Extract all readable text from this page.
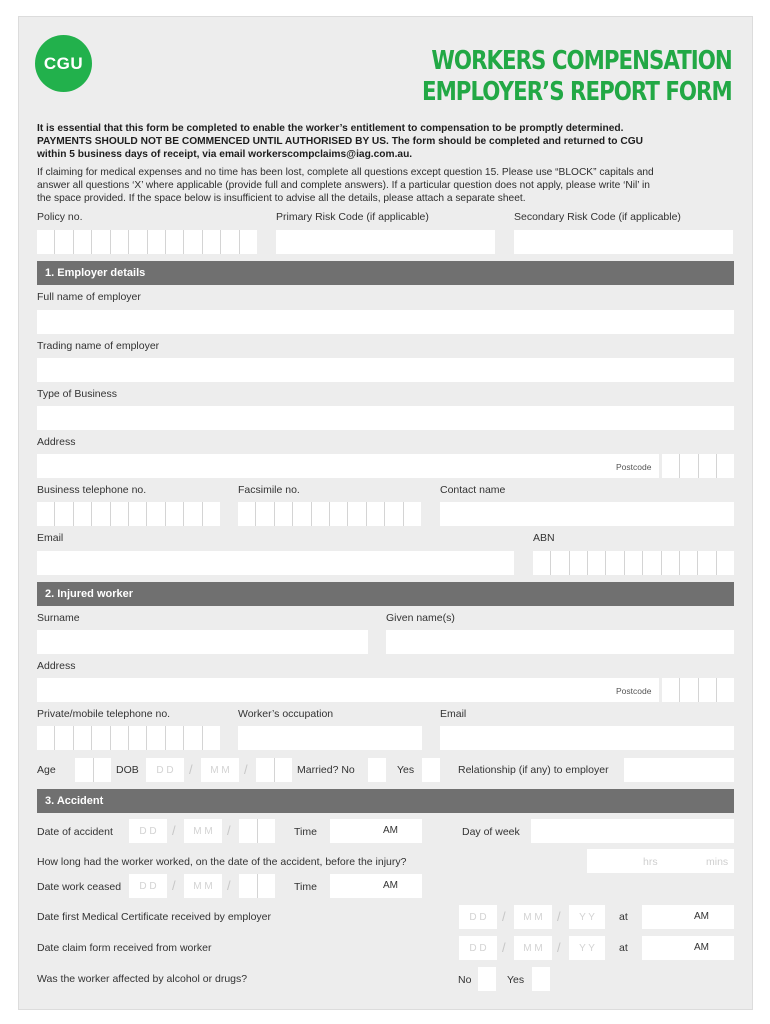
CGU	WORKERS COMPENSATION
EMPLOYER’S REPORT FORM
It is essential that this form be completed to enable the worker’s entitlement to compensation to be promptly determined.
PAYMENTS SHOULD NOT BE COMMENCED UNTIL AUTHORISED BY US. The form should be completed and returned to CGU
within 5 business days of receipt, via email workerscompclaims@iag.com.au.
If claiming for medical expenses and no time has been lost, complete all questions except question 15. Please use “BLOCK” capitals and
answer all questions ‘X’ where applicable (provide full and complete answers). If a particular question does not apply, please write ‘Nil’ in
the space provided. If the space below is insufficient to advise all the details, please attach a separate sheet.
Policy no.	Primary Risk Code (if applicable)	Secondary Risk Code (if applicable)
1. Employer details
Full name of employer
Trading name of employer
Type of Business
Address
Postcode
Business telephone no.	Facsimile no.	Contact name
Email	ABN
2. Injured worker
Surname	Given name(s)
Address
Postcode
Private/mobile telephone no.	Worker’s occupation	Email
Age	DOB	D D	/	M M	/	Married? No	Yes	Relationship (if any) to employer
3. Accident
Date of accident	D D	/	M M	/	Time	AM	Day of week
How long had the worker worked, on the date of the accident, before the injury?	hrs	mins
Date work ceased	D D	/	M M	/	Time	AM
Date first Medical Certificate received by employer	D D	/	M M	/	Y Y	at	AM
Date claim form received from worker	D D	/	M M	/	Y Y	at	AM
Was the worker affected by alcohol or drugs?	No	Yes
